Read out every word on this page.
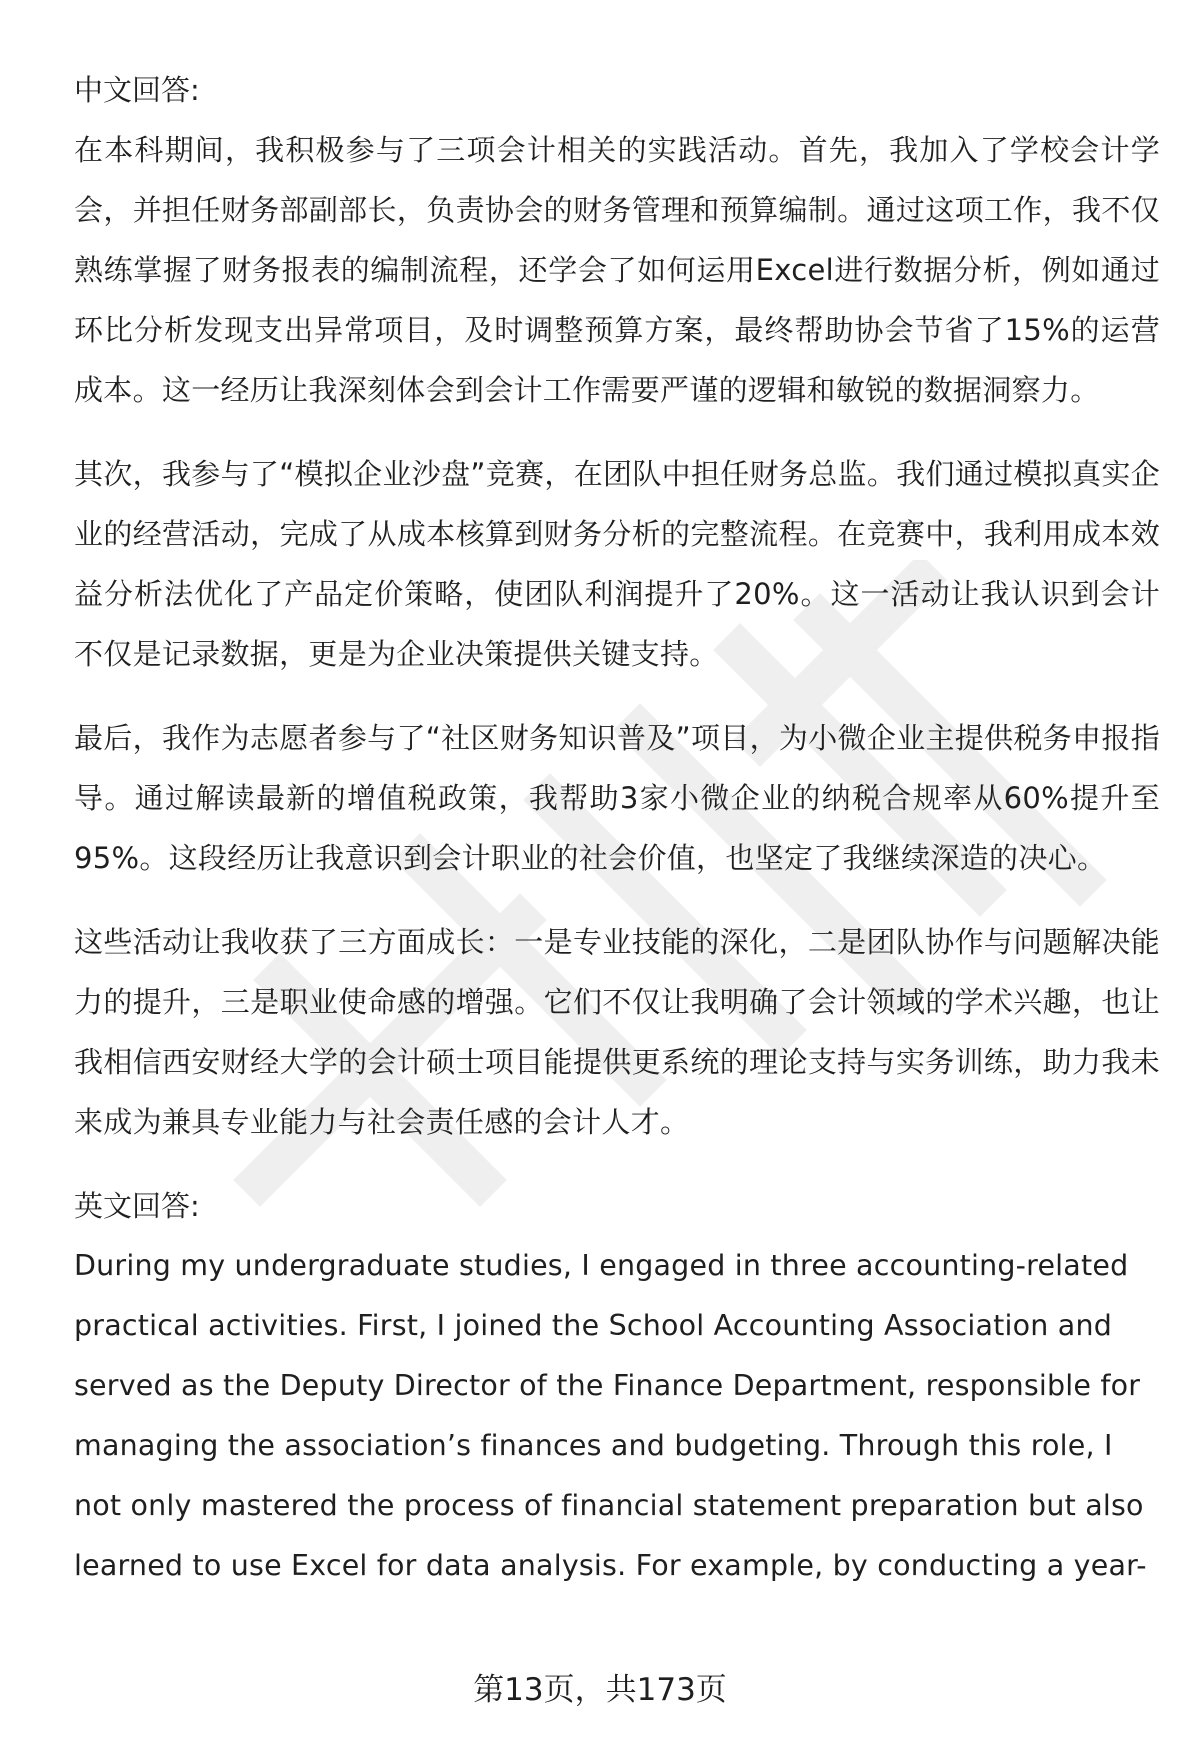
中文回答:

在本科期间，我积极参与了三项会计相关的实践活动。首先，我加入了学校会计学会，并担任财务部副部长，负责协会的财务管理和预算编制。通过这项工作，我不仅熟练掌握了财务报表的编制流程，还学会了如何运用Excel进行数据分析，例如通过环比分析发现支出异常项目，及时调整预算方案，最终帮助协会节省了15%的运营成本。这一经历让我深刻体会到会计工作需要严谨的逻辑和敏锐的数据洞察力。

其次，我参与了“模拟企业沙盘”竞赛，在团队中担任财务总监。我们通过模拟真实企业的经营活动，完成了从成本核算到财务分析的完整流程。在竞赛中，我利用成本效益分析法优化了产品定价策略，使团队利润提升了20%。这一活动让我认识到会计不仅是记录数据，更是为企业决策提供关键支持。

最后，我作为志愿者参与了“社区财务知识普及”项目，为小微企业主提供税务申报指导。通过解读最新的增值税政策，我帮助3家小微企业的纳税合规率从60%提升至95%。这段经历让我意识到会计职业的社会价值，也坚定了我继续深造的决心。

这些活动让我收获了三方面成长：一是专业技能的深化，二是团队协作与问题解决能力的提升，三是职业使命感的增强。它们不仅让我明确了会计领域的学术兴趣，也让我相信西安财经大学的会计硕士项目能提供更系统的理论支持与实务训练，助力我未来成为兼具专业能力与社会责任感的会计人才。

英文回答:

During my undergraduate studies, I engaged in three accounting-related practical activities. First, I joined the School Accounting Association and served as the Deputy Director of the Finance Department, responsible for managing the association’s finances and budgeting. Through this role, I not only mastered the process of financial statement preparation but also learned to use Excel for data analysis. For example, by conducting a year-

第13页，共173页
